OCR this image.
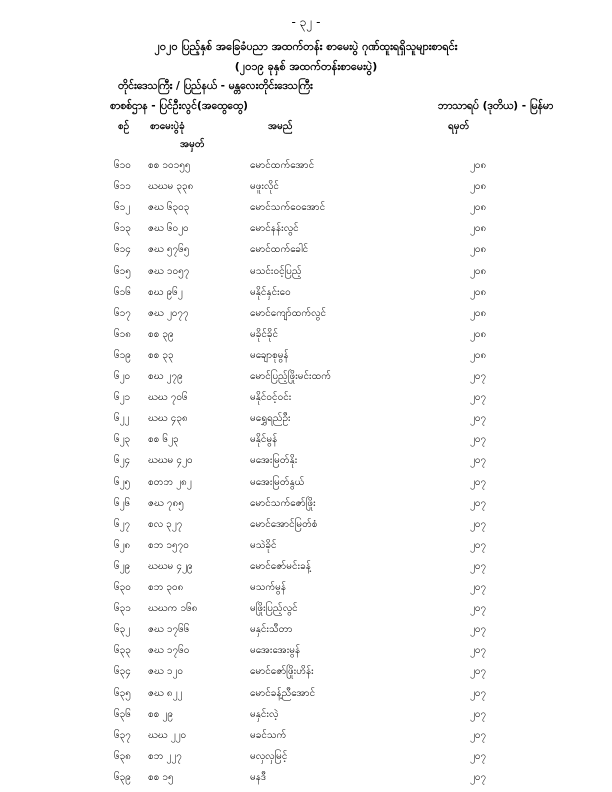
- ၃၂ -
၂၀၂၀ ပြည့်နှစ် အခြေခံပညာ အထက်တန်း စာမေးပွဲ ဂုဏ်ထူးရရှိသူများစာရင်း
(၂၀၁၉ ခုနှစ် အထက်တန်းစာမေးပွဲ)
တိုင်းဒေသကြီး / ပြည်နယ် - မန္တလေးတိုင်းဒေသကြီး
စာစစ်ဌာန - ပြင်ဦးလွင်(အထွေထွေ)	ဘာသာရပ် (ဒုတိယ) - မြန်မာ
စဉ် စာမေးပွဲခုံ
အမှတ်
အမည်	ရမှတ်
၆၁၀ စစ ၁၀၁၅၅	မောင်ထက်အောင်	၂၀၈
၆၁၁ ဃဃမ ၃၃၈	မဖူးလိုင်	၂၀၈
၆၁၂ ဇဃ ၆၃၀၃	မောင်သက်ဝေအောင်	၂၀၈
၆၁၃ ဇဃ ၆၀၂၀	မောင်နန်းလွင်	၂၀၈
၆၁၄ ဇဃ ၅၇၆၅	မောင်ထက်ခေါင်	၂၀၈
၆၁၅ ဇဃ ၁၀၅၇	မသင်းဝင့်ပြည့်	၂၀၈
၆၁၆ စဃ ၉၆၂	မနိုင်နှင်းဝေ	၂၀၈
၆၁၇ ဇဃ ၂၀၇၇	မောင်ကျော်ထက်လွင်	၂၀၈
၆၁၈ စစ ၃၉	မခိုင်ခိုင်	၂၀၈
၆၁၉ စစ ၃၃	မချောစုမွန်	၂၀၈
၆၂၀ စဃ ၂၇၉	မောင်ပြည့်ဖြိုးမင်းထက်	၂၀၇
၆၂၁ ဃဃ ၇၀၆	မနိုင်ဝင့်ဝင်း	၂၀၇
၆၂၂ ဃဃ ၄၃၈	မရွှေရည်ဦး	၂၀၇
၆၂၃ စစ ၆၂၃	မနိုင်မွန်	၂၀၇
၆၂၄ ဃဃမ ၄၂၀	မအေးမြတ်နိုး	၂၀၇
၆၂၅ စတဘ ၂၈၂	မအေးမြတ်နွယ်	၂၀၇
၆၂၆ ဇဃ ၇၈၅	မောင်သက်ဇော်ဖြိုး	၂၀၇
၆၂၇ စလ ၃၂၇	မောင်အောင်မြတ်စံ	၂၀၇
၆၂၈ စဘ ၁၅၇၀	မသဲခိုင်	၂၀၇
၆၂၉ ဃဃမ ၄၂၉	မောင်ဇော်မင်းခန့်	၂၀၇
၆၃၀ စဘ ၃၀၈	မသက်မွန်	၂၀၇
၆၃၁ ဃဃက ၁၆၈	မဖြိုးပြည့်လွင်	၂၀၇
၆၃၂ ဇဃ ၁၇၆၆	မနှင်းသီတာ	၂၀၇
၆၃၃ ဇဃ ၁၇၆၀	မအေးအေးမွန်	၂၀၇
၆၃၄ ဇဃ ၁၂၀	မောင်ဇော်ဖြိုးဟိန်း	၂၀၇
၆၃၅ ဇဃ ၈၂၂	မောင်ခန့်ညီအောင်	၂၀၇
၆၃၆ စစ ၂၉	မနှင်းလဲ့	၂၀၇
၆၃၇ ဃဃ ၂၂၀	မခင်သက်	၂၀၇
၆၃၈ စဘ ၂၂၇	မလှလှမြင့်	၂၀၇
၆၃၉ စစ ၁၅	မနဒီ	၂၀၇
